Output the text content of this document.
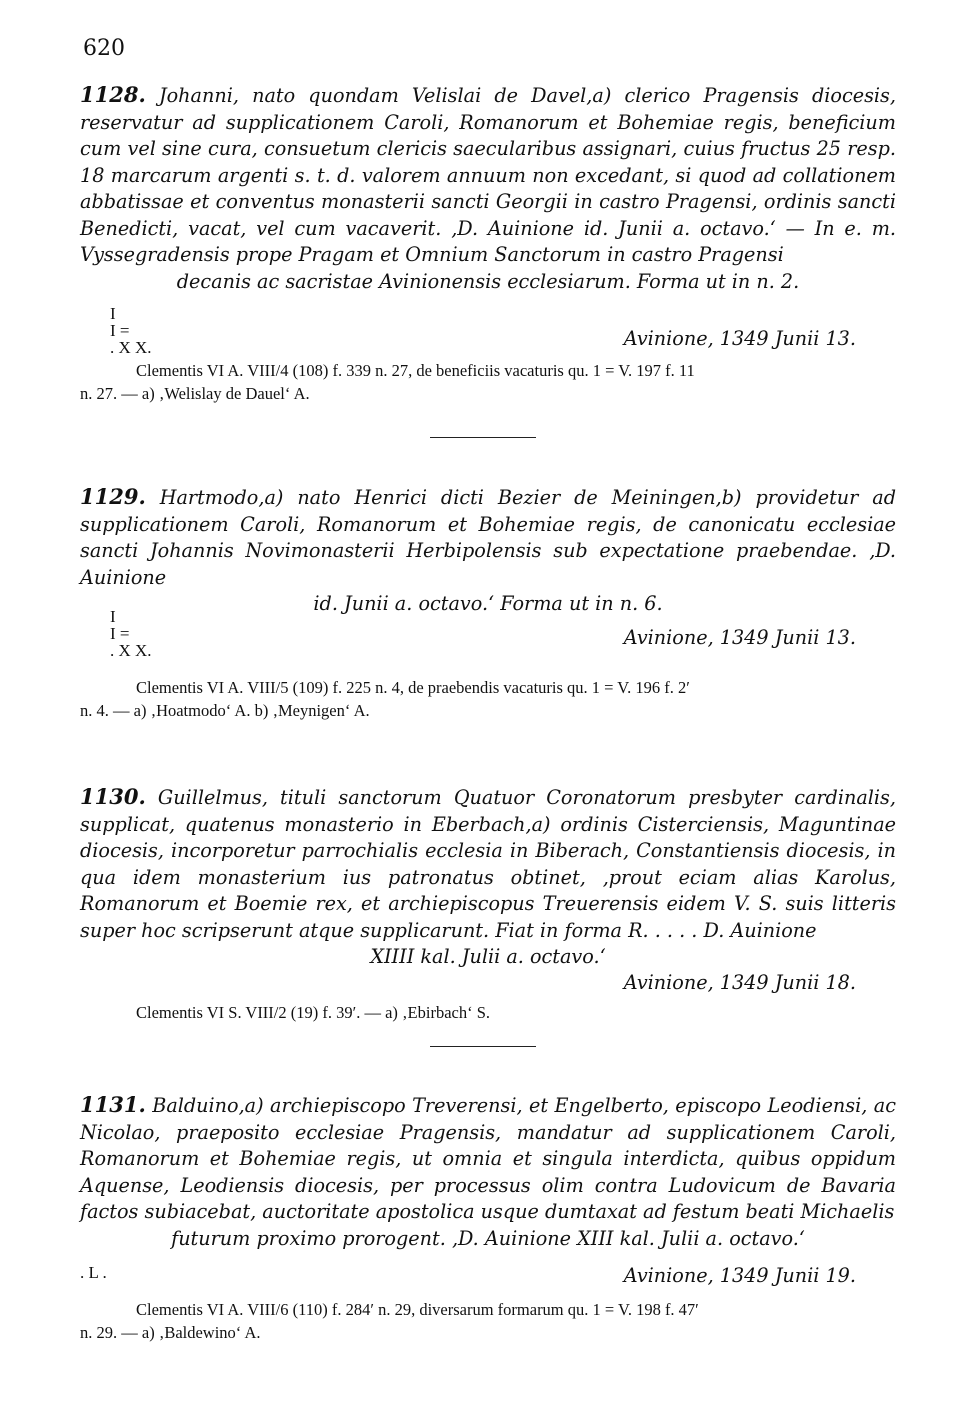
620

1128. Johanni, nato quondam Velislai de Davel,a) clerico Pragensis diocesis, reservatur ad supplicationem Caroli, Romanorum et Bohemiae regis, beneficium cum vel sine cura, consuetum clericis saecularibus assignari, cuius fructus 25 resp. 18 marcarum argenti s. t. d. valorem annuum non excedant, si quod ad collationem abbatissae et conventus monasterii sancti Georgii in castro Pragensi, ordinis sancti Benedicti, vacat, vel cum vacaverit. ‚D. Auinione id. Junii a. octavo.‘ — In e. m. Vyssegradensis prope Pragam et Omnium Sanctorum in castro Pragensi

decanis ac sacristae Avinionensis ecclesiarum. Forma ut in n. 2.

I
I =
. X X.	Avinione, 1349 Junii 13.

Clementis VI A. VIII/4 (108) f. 339 n. 27, de beneficiis vacaturis qu. 1 = V. 197 f. 11
n. 27. — a) ‚Welislay de Dauel‘ A.

1129. Hartmodo,a) nato Henrici dicti Bezier de Meiningen,b) providetur ad supplicationem Caroli, Romanorum et Bohemiae regis, de canonicatu ecclesiae sancti Johannis Novimonasterii Herbipolensis sub expectatione praebendae. ‚D. Auinione

id. Junii a. octavo.‘ Forma ut in n. 6.

I
I =
. X X.
Avinione, 1349 Junii 13.

Clementis VI A. VIII/5 (109) f. 225 n. 4, de praebendis vacaturis qu. 1 = V. 196 f. 2′
n. 4. — a) ‚Hoatmodo‘ A. b) ‚Meynigen‘ A.

1130. Guillelmus, tituli sanctorum Quatuor Coronatorum presbyter cardinalis, supplicat, quatenus monasterio in Eberbach,a) ordinis Cisterciensis, Maguntinae diocesis, incorporetur parrochialis ecclesia in Biberach, Constantiensis diocesis, in qua idem monasterium ius patronatus obtinet, ‚prout eciam alias Karolus, Romanorum et Boemie rex, et archiepiscopus Treuerensis eidem V. S. suis litteris super hoc scripserunt atque supplicarunt. Fiat in forma R. . . . . D. Auinione

XIIII kal. Julii a. octavo.‘

Avinione, 1349 Junii 18.

Clementis VI S. VIII/2 (19) f. 39′. — a) ‚Ebirbach‘ S.

1131. Balduino,a) archiepiscopo Treverensi, et Engelberto, episcopo Leodiensi, ac Nicolao, praeposito ecclesiae Pragensis, mandatur ad supplicationem Caroli, Romanorum et Bohemiae regis, ut omnia et singula interdicta, quibus oppidum Aquense, Leodiensis diocesis, per processus olim contra Ludovicum de Bavaria factos subiacebat, auctoritate apostolica usque dumtaxat ad festum beati Michaelis

futurum proximo prorogent. ‚D. Auinione XIII kal. Julii a. octavo.‘

. L .	Avinione, 1349 Junii 19.

Clementis VI A. VIII/6 (110) f. 284′ n. 29, diversarum formarum qu. 1 = V. 198 f. 47′
n. 29. — a) ‚Baldewino‘ A.
